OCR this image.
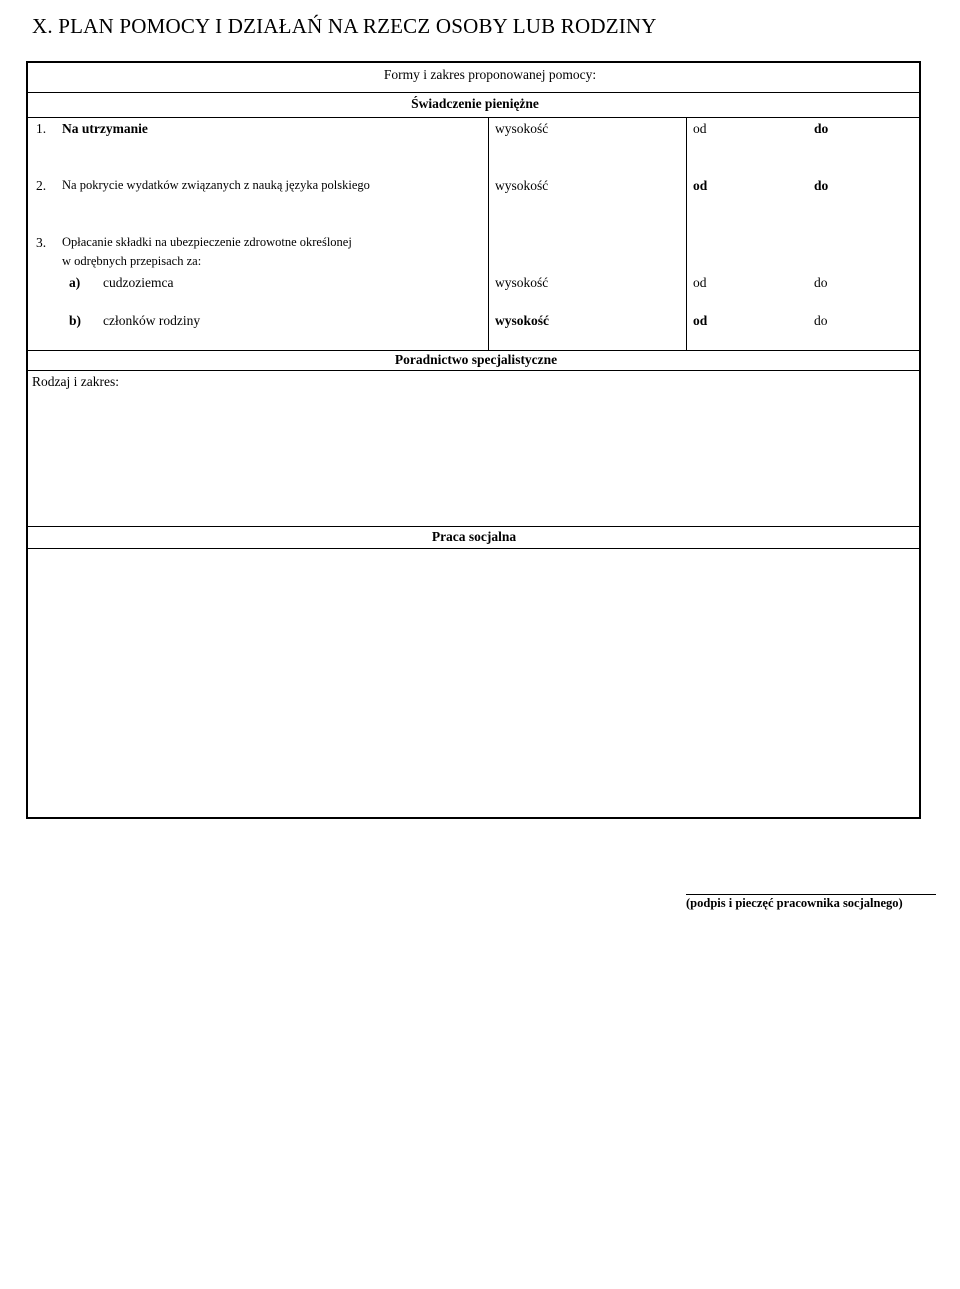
X. PLAN POMOCY I DZIAŁAŃ NA RZECZ OSOBY LUB RODZINY
Formy i zakres proponowanej pomocy:
Świadczenie pieniężne
1. Na utrzymanie	wysokość	od	do
2. Na pokrycie wydatków związanych z nauką języka polskiego	wysokość	od	do
3. Opłacanie składki na ubezpieczenie zdrowotne określonej
w odrębnych przepisach za:
a) cudzoziemca	wysokość	od	do
b) członków rodziny	wysokość	od	do
Poradnictwo specjalistyczne
Rodzaj i zakres:
Praca socjalna
(podpis i pieczęć pracownika socjalnego)
